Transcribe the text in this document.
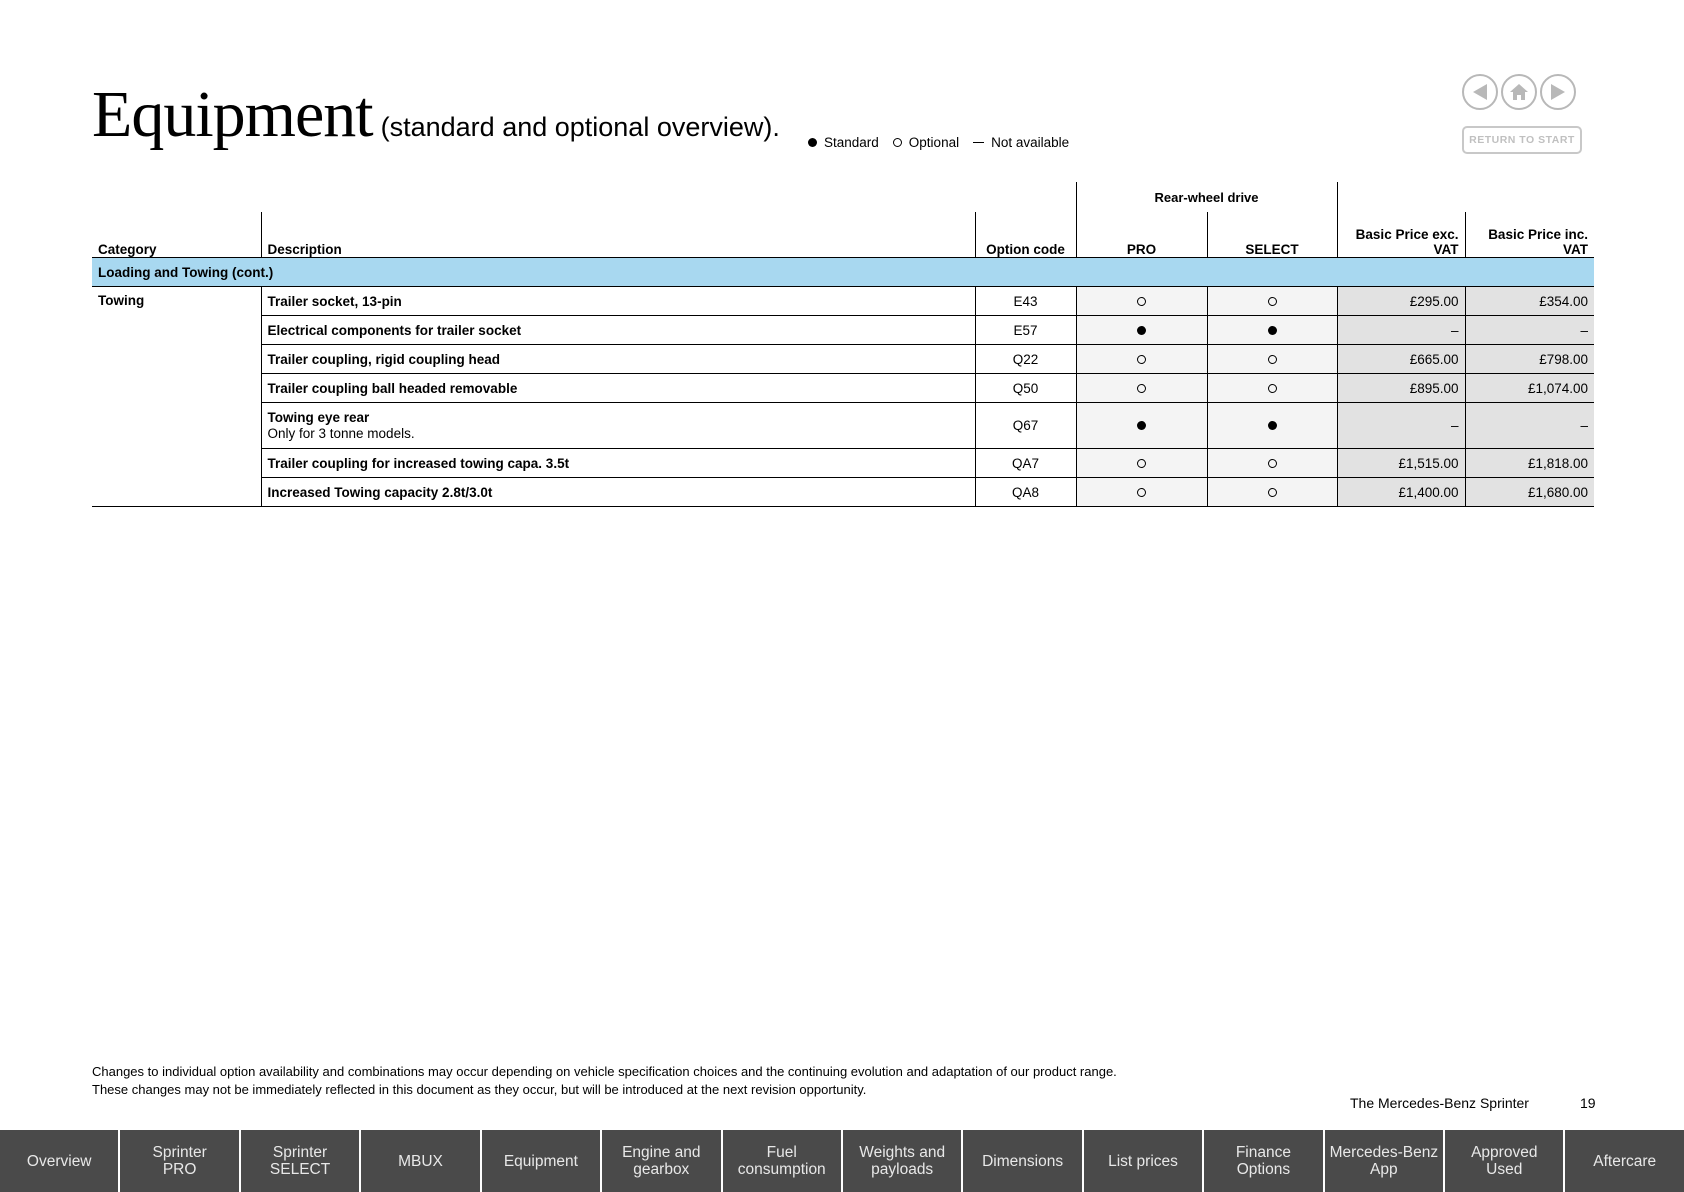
Equipment (standard and optional overview).
Standard Optional Not available	RETURN TO START
			Rear-wheel drive			
Category	Description	Option code	PRO	SELECT	Basic Price exc. VAT	Basic Price inc. VAT
Loading and Towing (cont.)						
Towing	Trailer socket, 13-pin	E43			£295.00	£354.00
	Electrical components for trailer socket	E57			–	–
	Trailer coupling, rigid coupling head	Q22			£665.00	£798.00
	Trailer coupling ball headed removable	Q50			£895.00	£1,074.00
	Towing eye rear
Only for 3 tonne models.	Q67			–	–
	Trailer coupling for increased towing capa. 3.5t	QA7			£1,515.00	£1,818.00
	Increased Towing capacity 2.8t/3.0t	QA8			£1,400.00	£1,680.00
Changes to individual option availability and combinations may occur depending on vehicle specification choices and the continuing evolution and adaptation of our product range.
These changes may not be immediately reflected in this document as they occur, but will be introduced at the next revision opportunity.
The Mercedes-Benz Sprinter	19
Overview	Sprinter
PRO
Sprinter
SELECT	MBUX	Equipment	Engine and
gearbox
Fuel
consumption
Weights and
payloads	Dimensions	List prices	Finance
Options
Mercedes-Benz
App
Approved
Used	Aftercare
